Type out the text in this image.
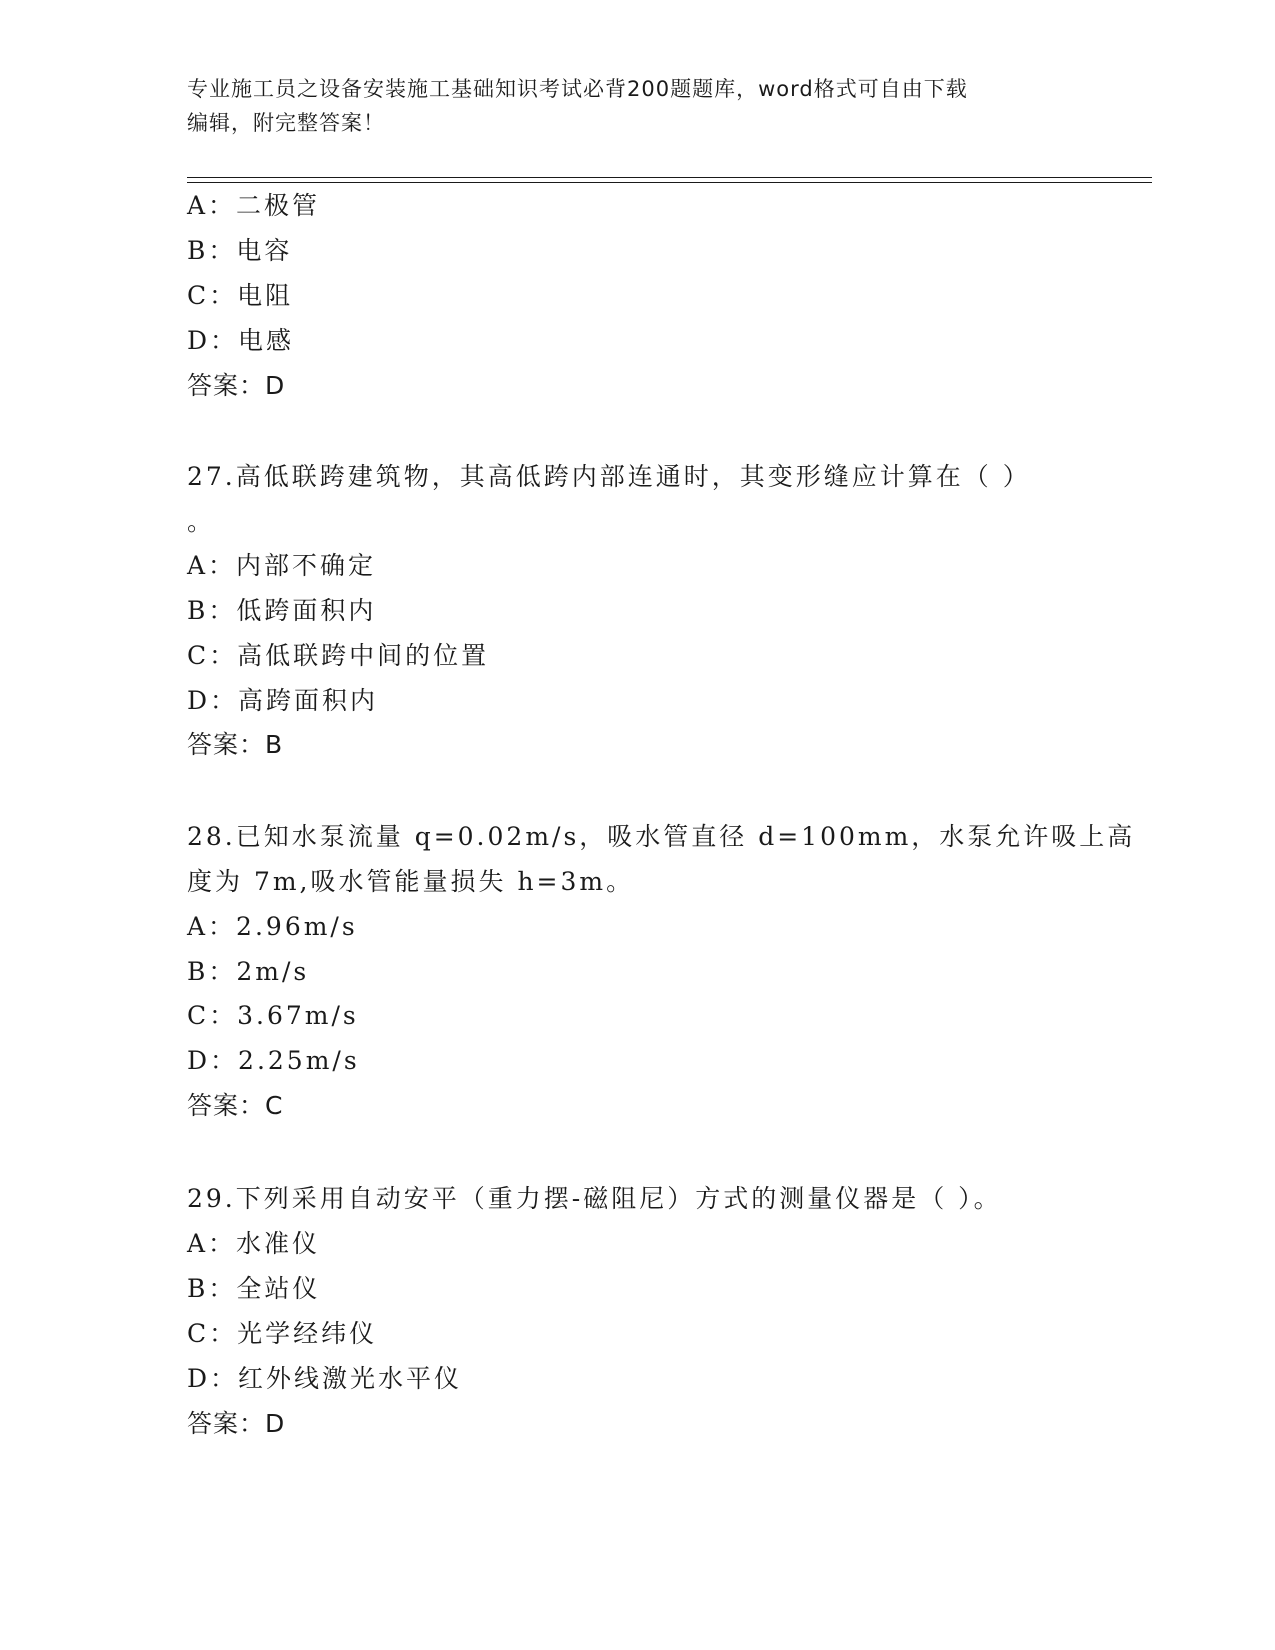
专业施工员之设备安装施工基础知识考试必背200题题库，word格式可自由下载
编辑，附完整答案！
A：二极管
B：电容
C：电阻
D：电感
答案：D
27.高低联跨建筑物，其高低跨内部连通时，其变形缝应计算在（ ）
。
A：内部不确定
B：低跨面积内
C：高低联跨中间的位置
D：高跨面积内
答案：B
28.已知水泵流量 q=0.02m/s，吸水管直径 d=100mm，水泵允许吸上高
度为 7m,吸水管能量损失 h=3m。
A：2.96m/s
B：2m/s
C：3.67m/s
D：2.25m/s
答案：C
29.下列采用自动安平（重力摆-磁阻尼）方式的测量仪器是（ ）。
A：水准仪
B：全站仪
C：光学经纬仪
D：红外线激光水平仪
答案：D
